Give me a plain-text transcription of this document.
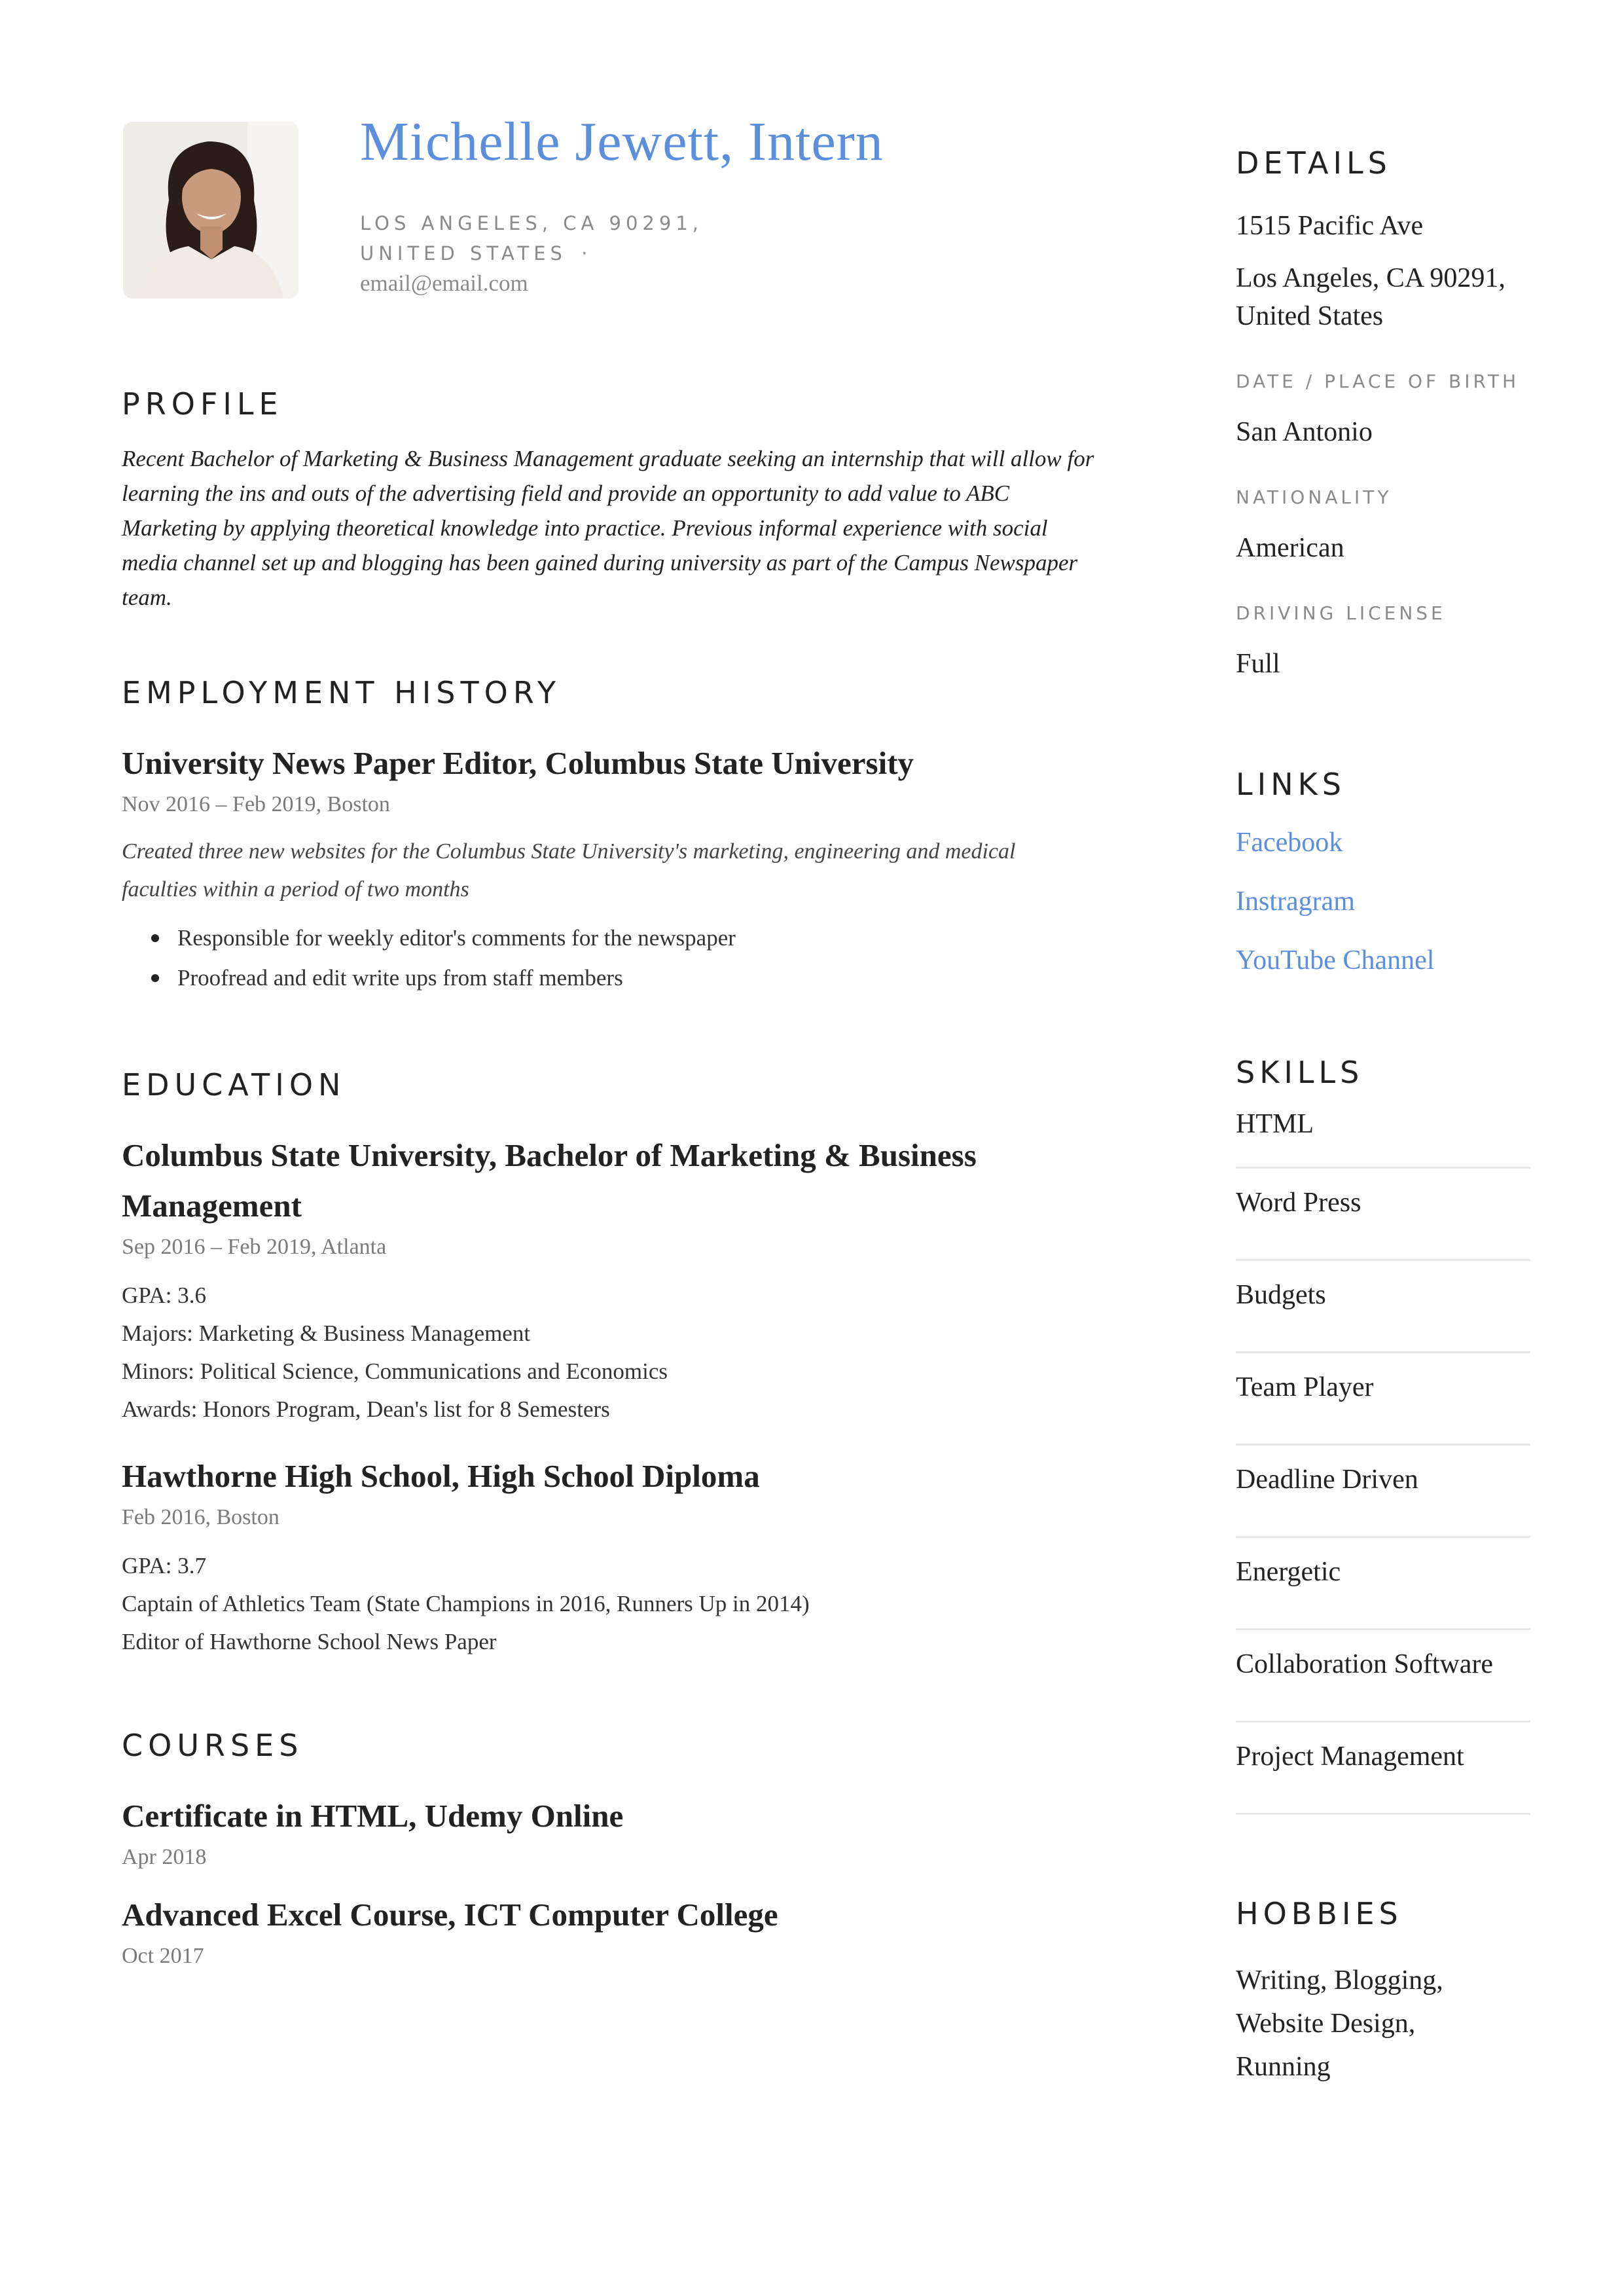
Michelle Jewett, Intern
LOS ANGELES, CA 90291, UNITED STATES · email@email.com
PROFILE
Recent Bachelor of Marketing & Business Management graduate seeking an internship that will allow for learning the ins and outs of the advertising field and provide an opportunity to add value to ABC Marketing by applying theoretical knowledge into practice. Previous informal experience with social media channel set up and blogging has been gained during university as part of the Campus Newspaper team.
EMPLOYMENT HISTORY
University News Paper Editor, Columbus State University
Nov 2016 – Feb 2019, Boston
Created three new websites for the Columbus State University's marketing, engineering and medical faculties within a period of two months
Responsible for weekly editor's comments for the newspaper
Proofread and edit write ups from staff members
EDUCATION
Columbus State University, Bachelor of Marketing & Business Management
Sep 2016 – Feb 2019, Atlanta
GPA: 3.6
Majors: Marketing & Business Management
Minors: Political Science, Communications and Economics
Awards: Honors Program, Dean's list for 8 Semesters
Hawthorne High School, High School Diploma
Feb 2016, Boston
GPA: 3.7
Captain of Athletics Team (State Champions in 2016, Runners Up in 2014)
Editor of Hawthorne School News Paper
COURSES
Certificate in HTML, Udemy Online
Apr 2018
Advanced Excel Course, ICT Computer College
Oct 2017
DETAILS
1515 Pacific Ave
Los Angeles, CA 90291,
United States
DATE / PLACE OF BIRTH
San Antonio
NATIONALITY
American
DRIVING LICENSE
Full
LINKS
Facebook
Instragram
YouTube Channel
SKILLS
HTML
Word Press
Budgets
Team Player
Deadline Driven
Energetic
Collaboration Software
Project Management
HOBBIES
Writing, Blogging,
Website Design,
Running
